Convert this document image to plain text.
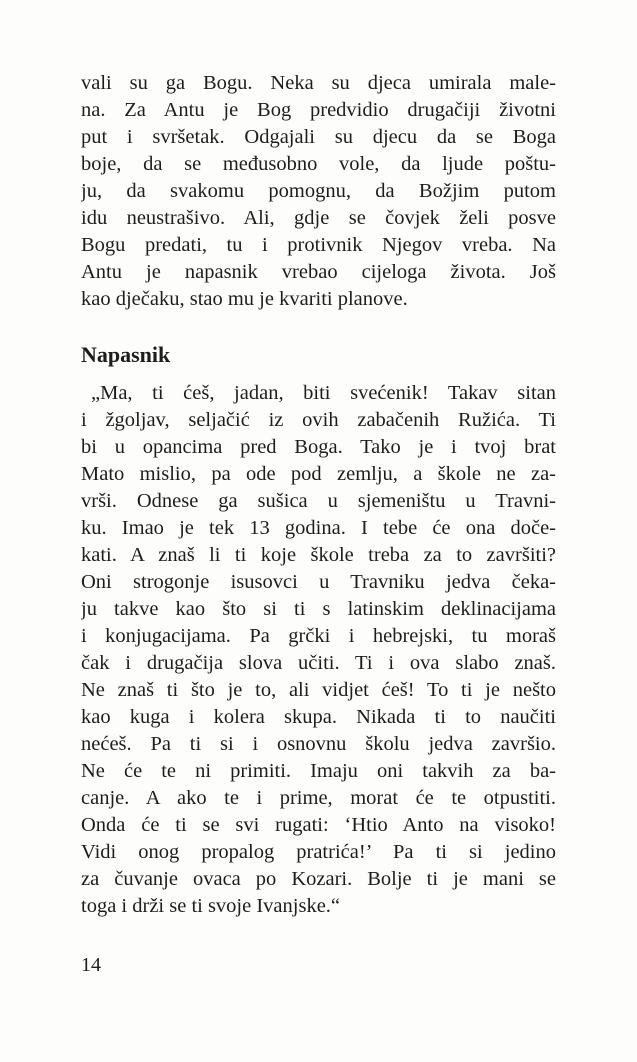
vali su ga Bogu. Neka su djeca umirala male-
na. Za Antu je Bog predvidio drugačiji životni
put i svršetak. Odgajali su djecu da se Boga
boje, da se međusobno vole, da ljude poštu-
ju, da svakomu pomognu, da Božjim putom
idu neustrašivo. Ali, gdje se čovjek želi posve
Bogu predati, tu i protivnik Njegov vreba. Na
Antu je napasnik vrebao cijeloga života. Još
kao dječaku, stao mu je kvariti planove.
Napasnik
„Ma, ti ćeš, jadan, biti svećenik! Takav sitan
i žgoljav, seljačić iz ovih zabačenih Ružića. Ti
bi u opancima pred Boga. Tako je i tvoj brat
Mato mislio, pa ode pod zemlju, a škole ne za-
vrši. Odnese ga sušica u sjemeništu u Travni-
ku. Imao je tek 13 godina. I tebe će ona doče-
kati. A znaš li ti koje škole treba za to završiti?
Oni strogonje isusovci u Travniku jedva čeka-
ju takve kao što si ti s latinskim deklinacijama
i konjugacijama. Pa grčki i hebrejski, tu moraš
čak i drugačija slova učiti. Ti i ova slabo znaš.
Ne znaš ti što je to, ali vidjet ćeš! To ti je nešto
kao kuga i kolera skupa. Nikada ti to naučiti
nećeš. Pa ti si i osnovnu školu jedva završio.
Ne će te ni primiti. Imaju oni takvih za ba-
canje. A ako te i prime, morat će te otpustiti.
Onda će ti se svi rugati: ‘Htio Anto na visoko!
Vidi onog propalog pratrića!’ Pa ti si jedino
za čuvanje ovaca po Kozari. Bolje ti je mani se
toga i drži se ti svoje Ivanjske.“
14
